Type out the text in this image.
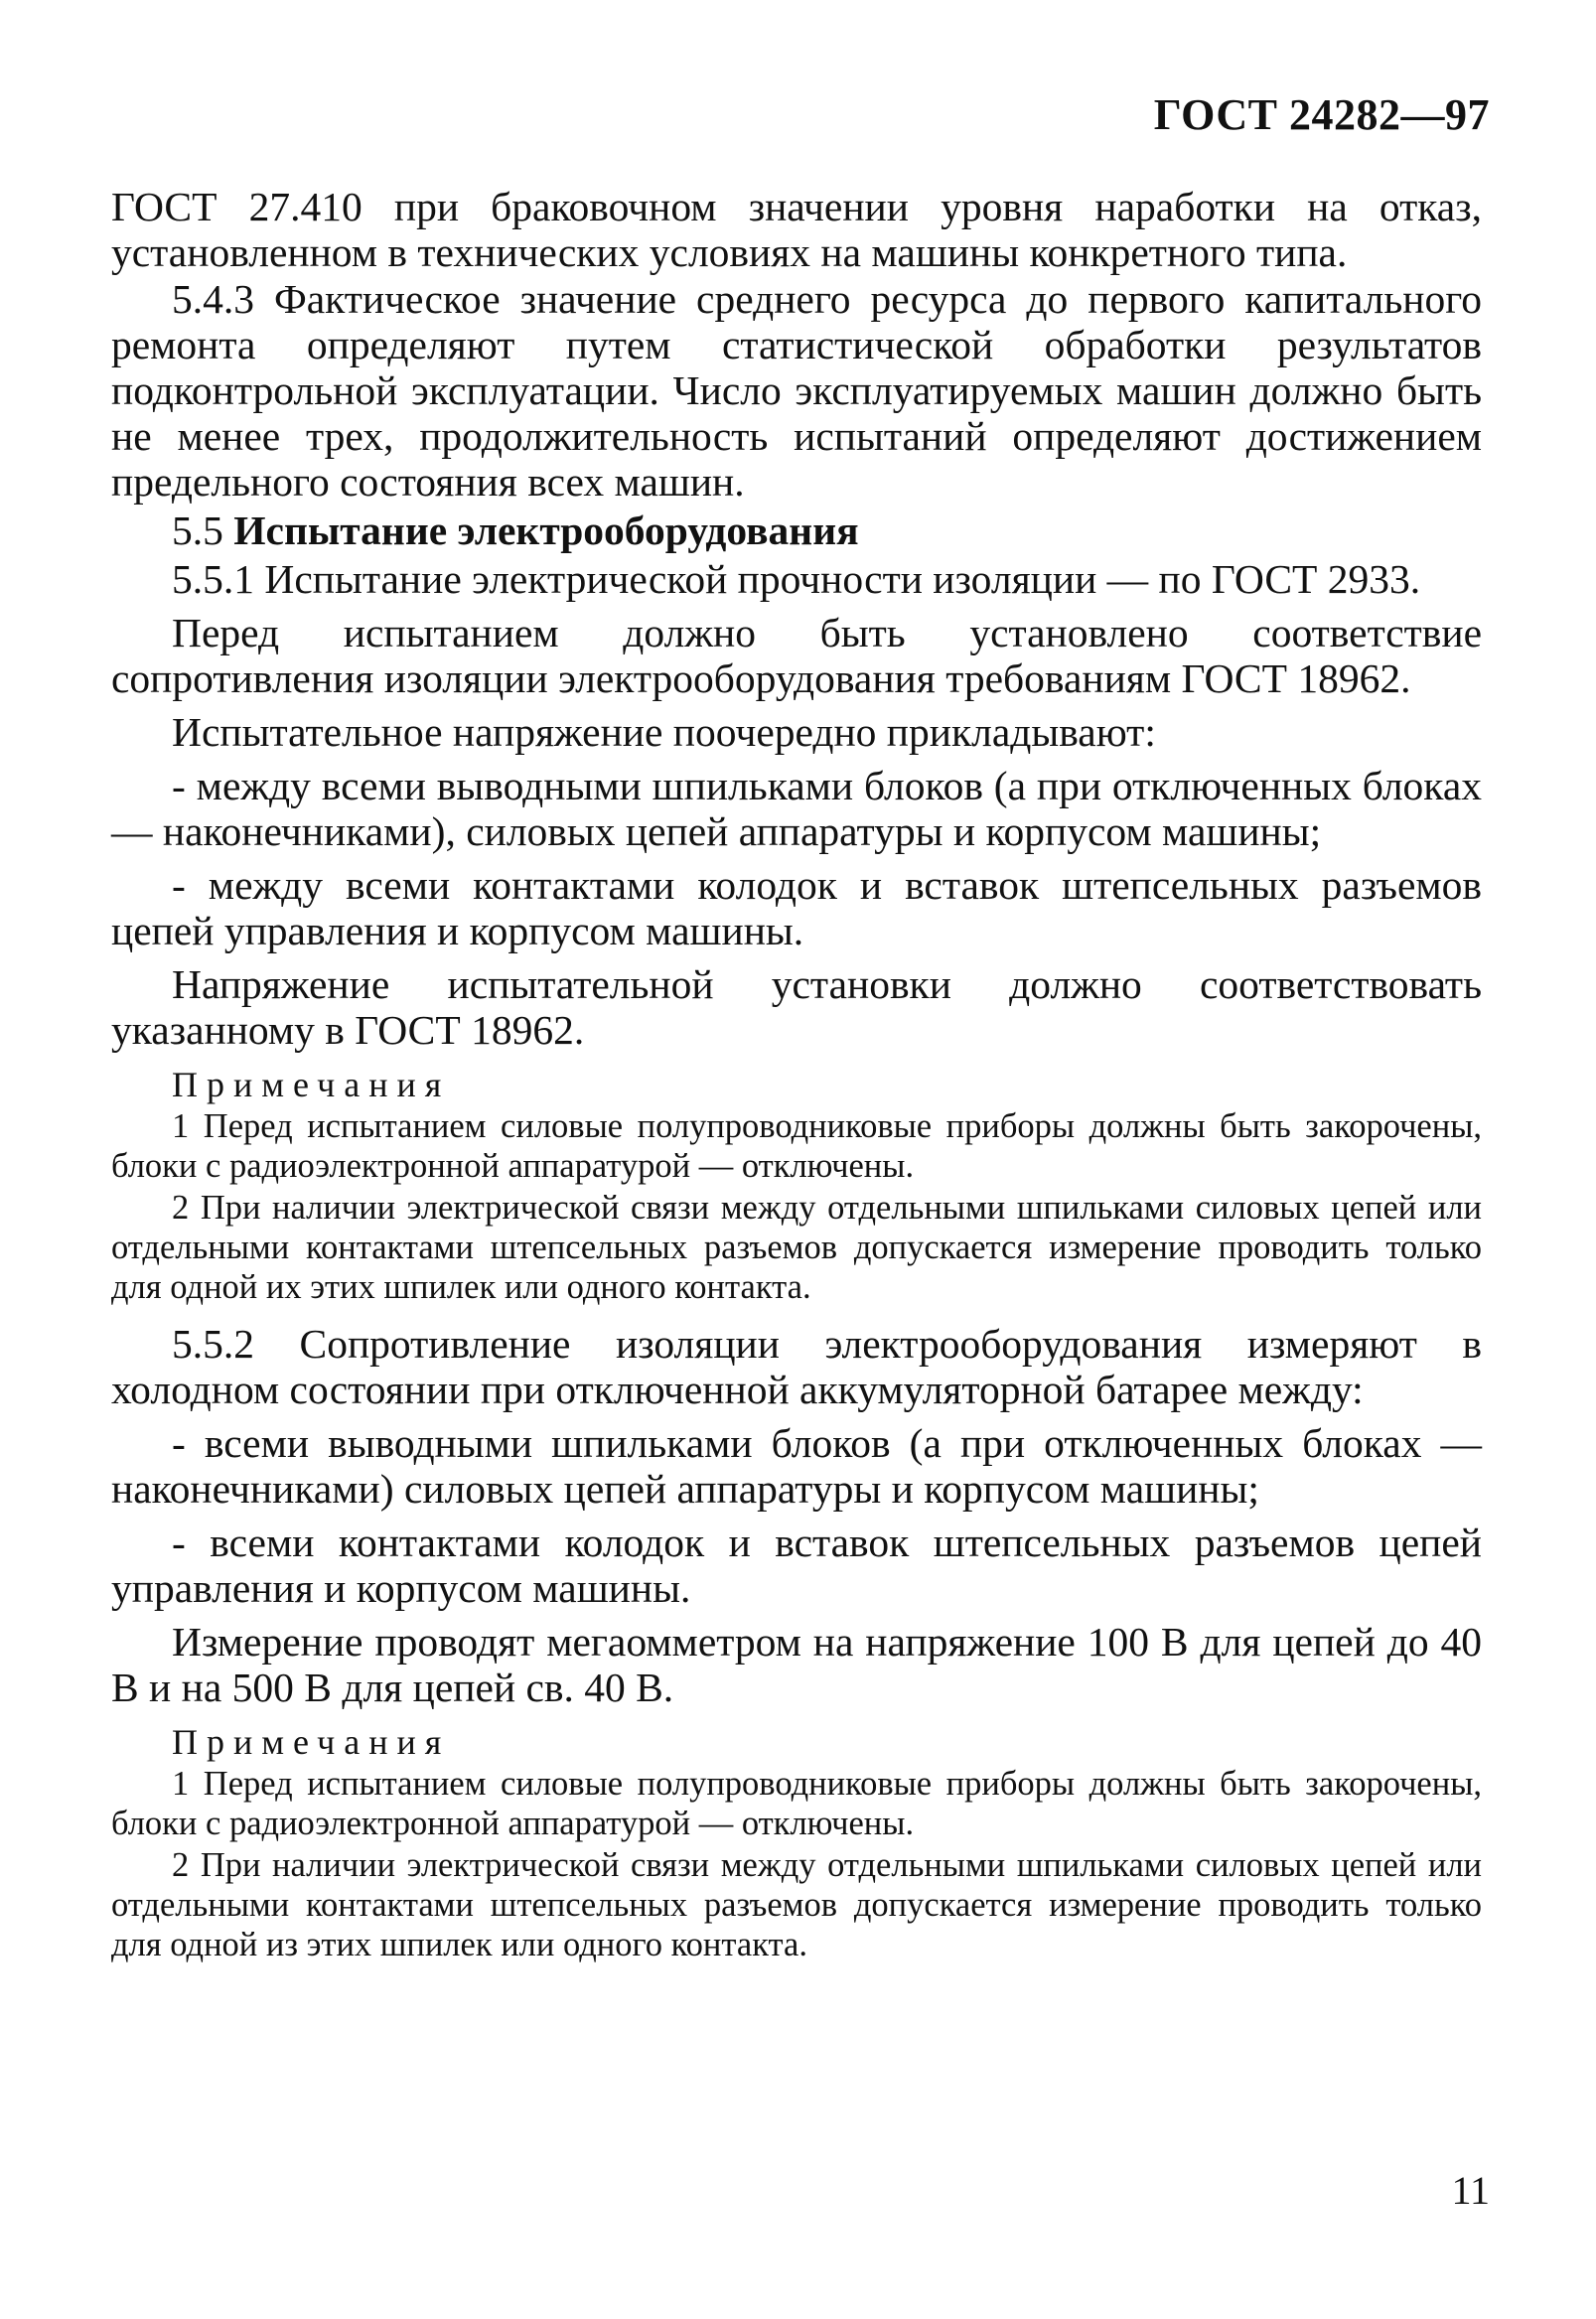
ГОСТ 24282—97

ГОСТ 27.410 при браковочном значении уровня наработки на отказ, установленном в технических условиях на машины конкретного типа.

5.4.3 Фактическое значение среднего ресурса до первого капитального ремонта определяют путем статистической обработки результатов подконтрольной эксплуатации. Число эксплуатируемых машин должно быть не менее трех, продолжительность испытаний определяют достижением предельного состояния всех машин.

5.5 Испытание электрооборудования

5.5.1 Испытание электрической прочности изоляции — по ГОСТ 2933.

Перед испытанием должно быть установлено соответствие сопротивления изоляции электрооборудования требованиям ГОСТ 18962.

Испытательное напряжение поочередно прикладывают:

- между всеми выводными шпильками блоков (а при отключенных блоках — наконечниками), силовых цепей аппаратуры и корпусом машины;

- между всеми контактами колодок и вставок штепсельных разъемов цепей управления и корпусом машины.

Напряжение испытательной установки должно соответствовать указанному в ГОСТ 18962.

Примечания

1 Перед испытанием силовые полупроводниковые приборы должны быть закорочены, блоки с радиоэлектронной аппаратурой — отключены.

2 При наличии электрической связи между отдельными шпильками силовых цепей или отдельными контактами штепсельных разъемов допускается измерение проводить только для одной их этих шпилек или одного контакта.

5.5.2 Сопротивление изоляции электрооборудования измеряют в холодном состоянии при отключенной аккумуляторной батарее между:

- всеми выводными шпильками блоков (а при отключенных блоках — наконечниками) силовых цепей аппаратуры и корпусом машины;

- всеми контактами колодок и вставок штепсельных разъемов цепей управления и корпусом машины.

Измерение проводят мегаомметром на напряжение 100 В для цепей до 40 В и на 500 В для цепей св. 40 В.

Примечания

1 Перед испытанием силовые полупроводниковые приборы должны быть закорочены, блоки с радиоэлектронной аппаратурой — отключены.

2 При наличии электрической связи между отдельными шпильками силовых цепей или отдельными контактами штепсельных разъемов допускается измерение проводить только для одной из этих шпилек или одного контакта.

11
